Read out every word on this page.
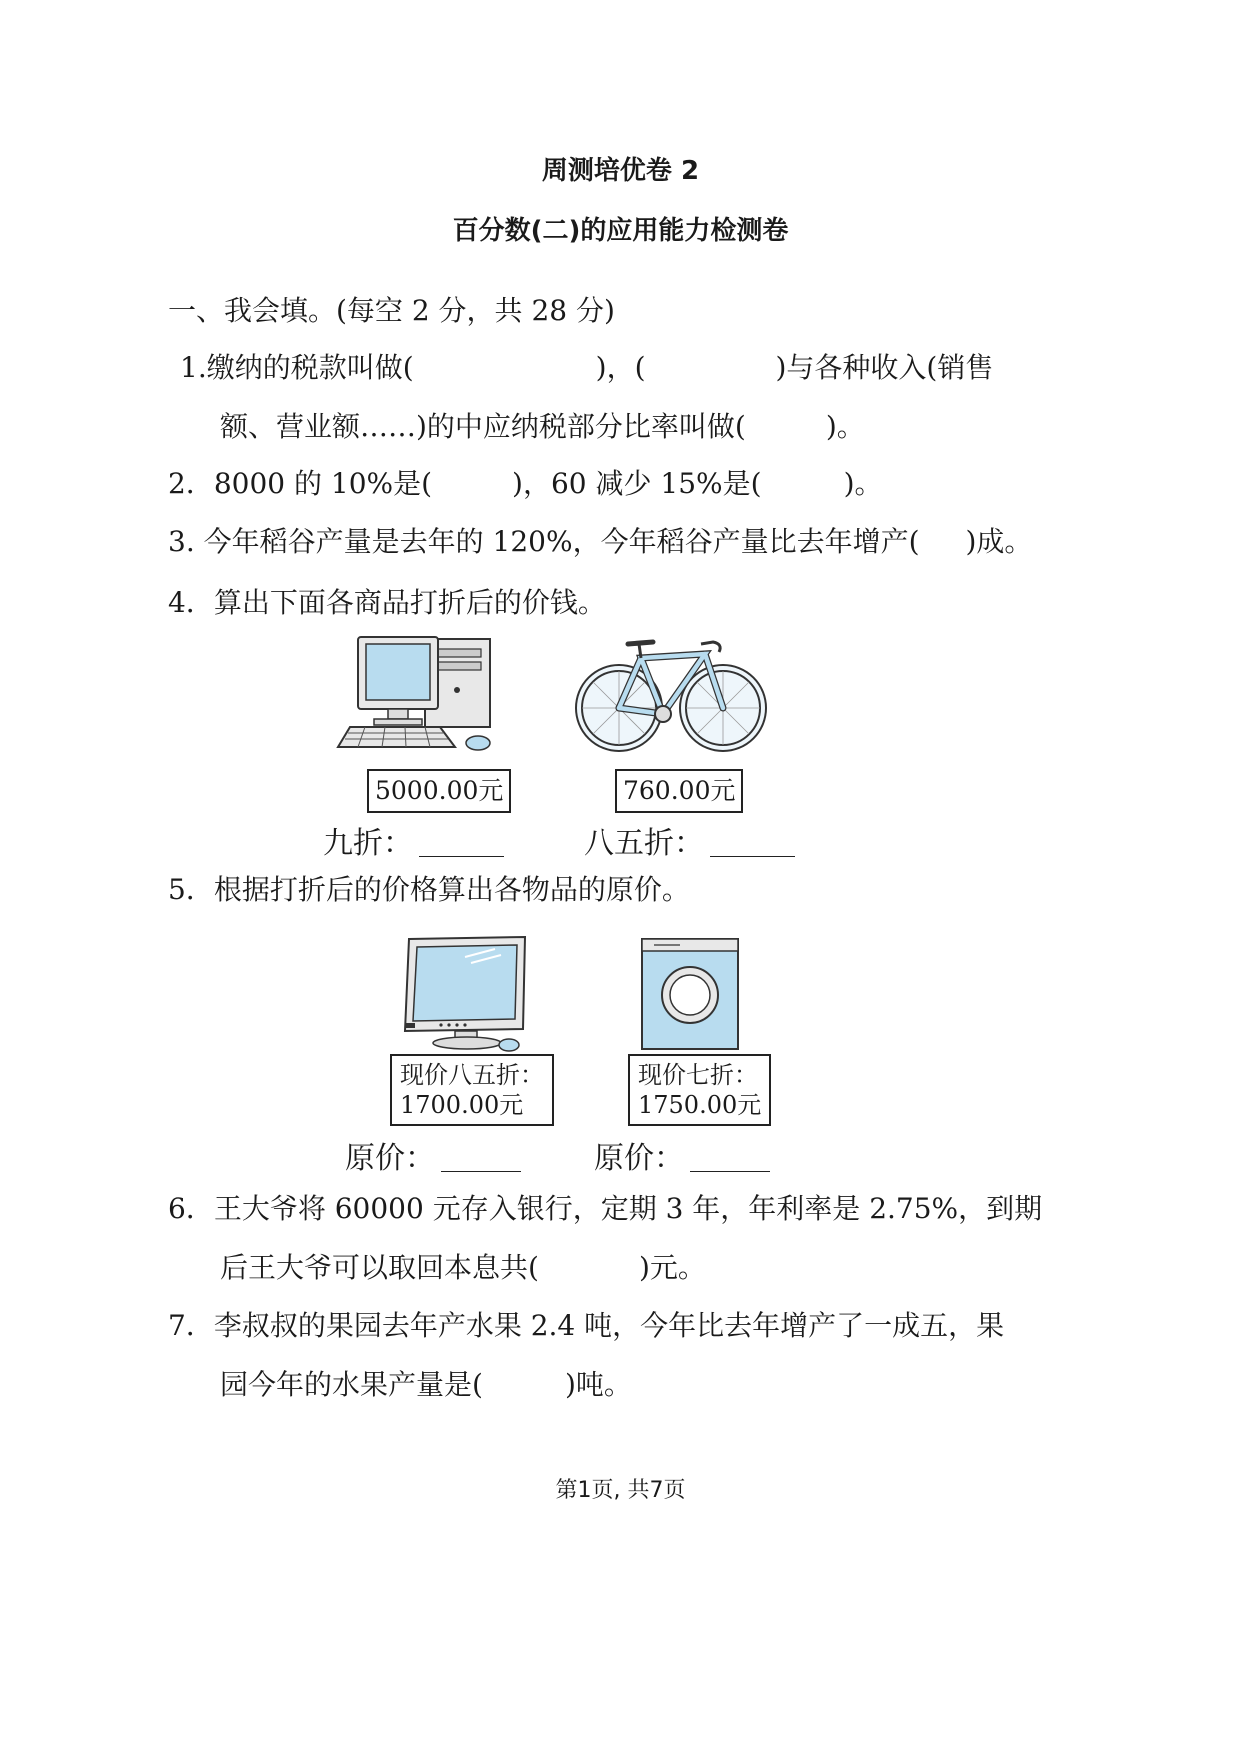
周测培优卷 2
百分数(二)的应用能力检测卷
一、我会填。(每空 2 分，共 28 分)
1.缴纳的税款叫做(	)，(	)与各种收入(销售
额、营业额……)的中应纳税部分比率叫做(	)。
2．8000 的 10%是(	)，60 减少 15%是(	)。
3. 今年稻谷产量是去年的 120%，今年稻谷产量比去年增产( )成。
4．算出下面各商品打折后的价钱。
5000.00元	760.00元
九折：	八五折：
5．根据打折后的价格算出各物品的原价。
现价八五折：
1700.00元
现价七折：
1750.00元
原价：	原价：
6．王大爷将 60000 元存入银行，定期 3 年，年利率是 2.75%，到期
后王大爷可以取回本息共(	)元。
7．李叔叔的果园去年产水果 2.4 吨，今年比去年增产了一成五，果
园今年的水果产量是(	)吨。
第1页, 共7页
